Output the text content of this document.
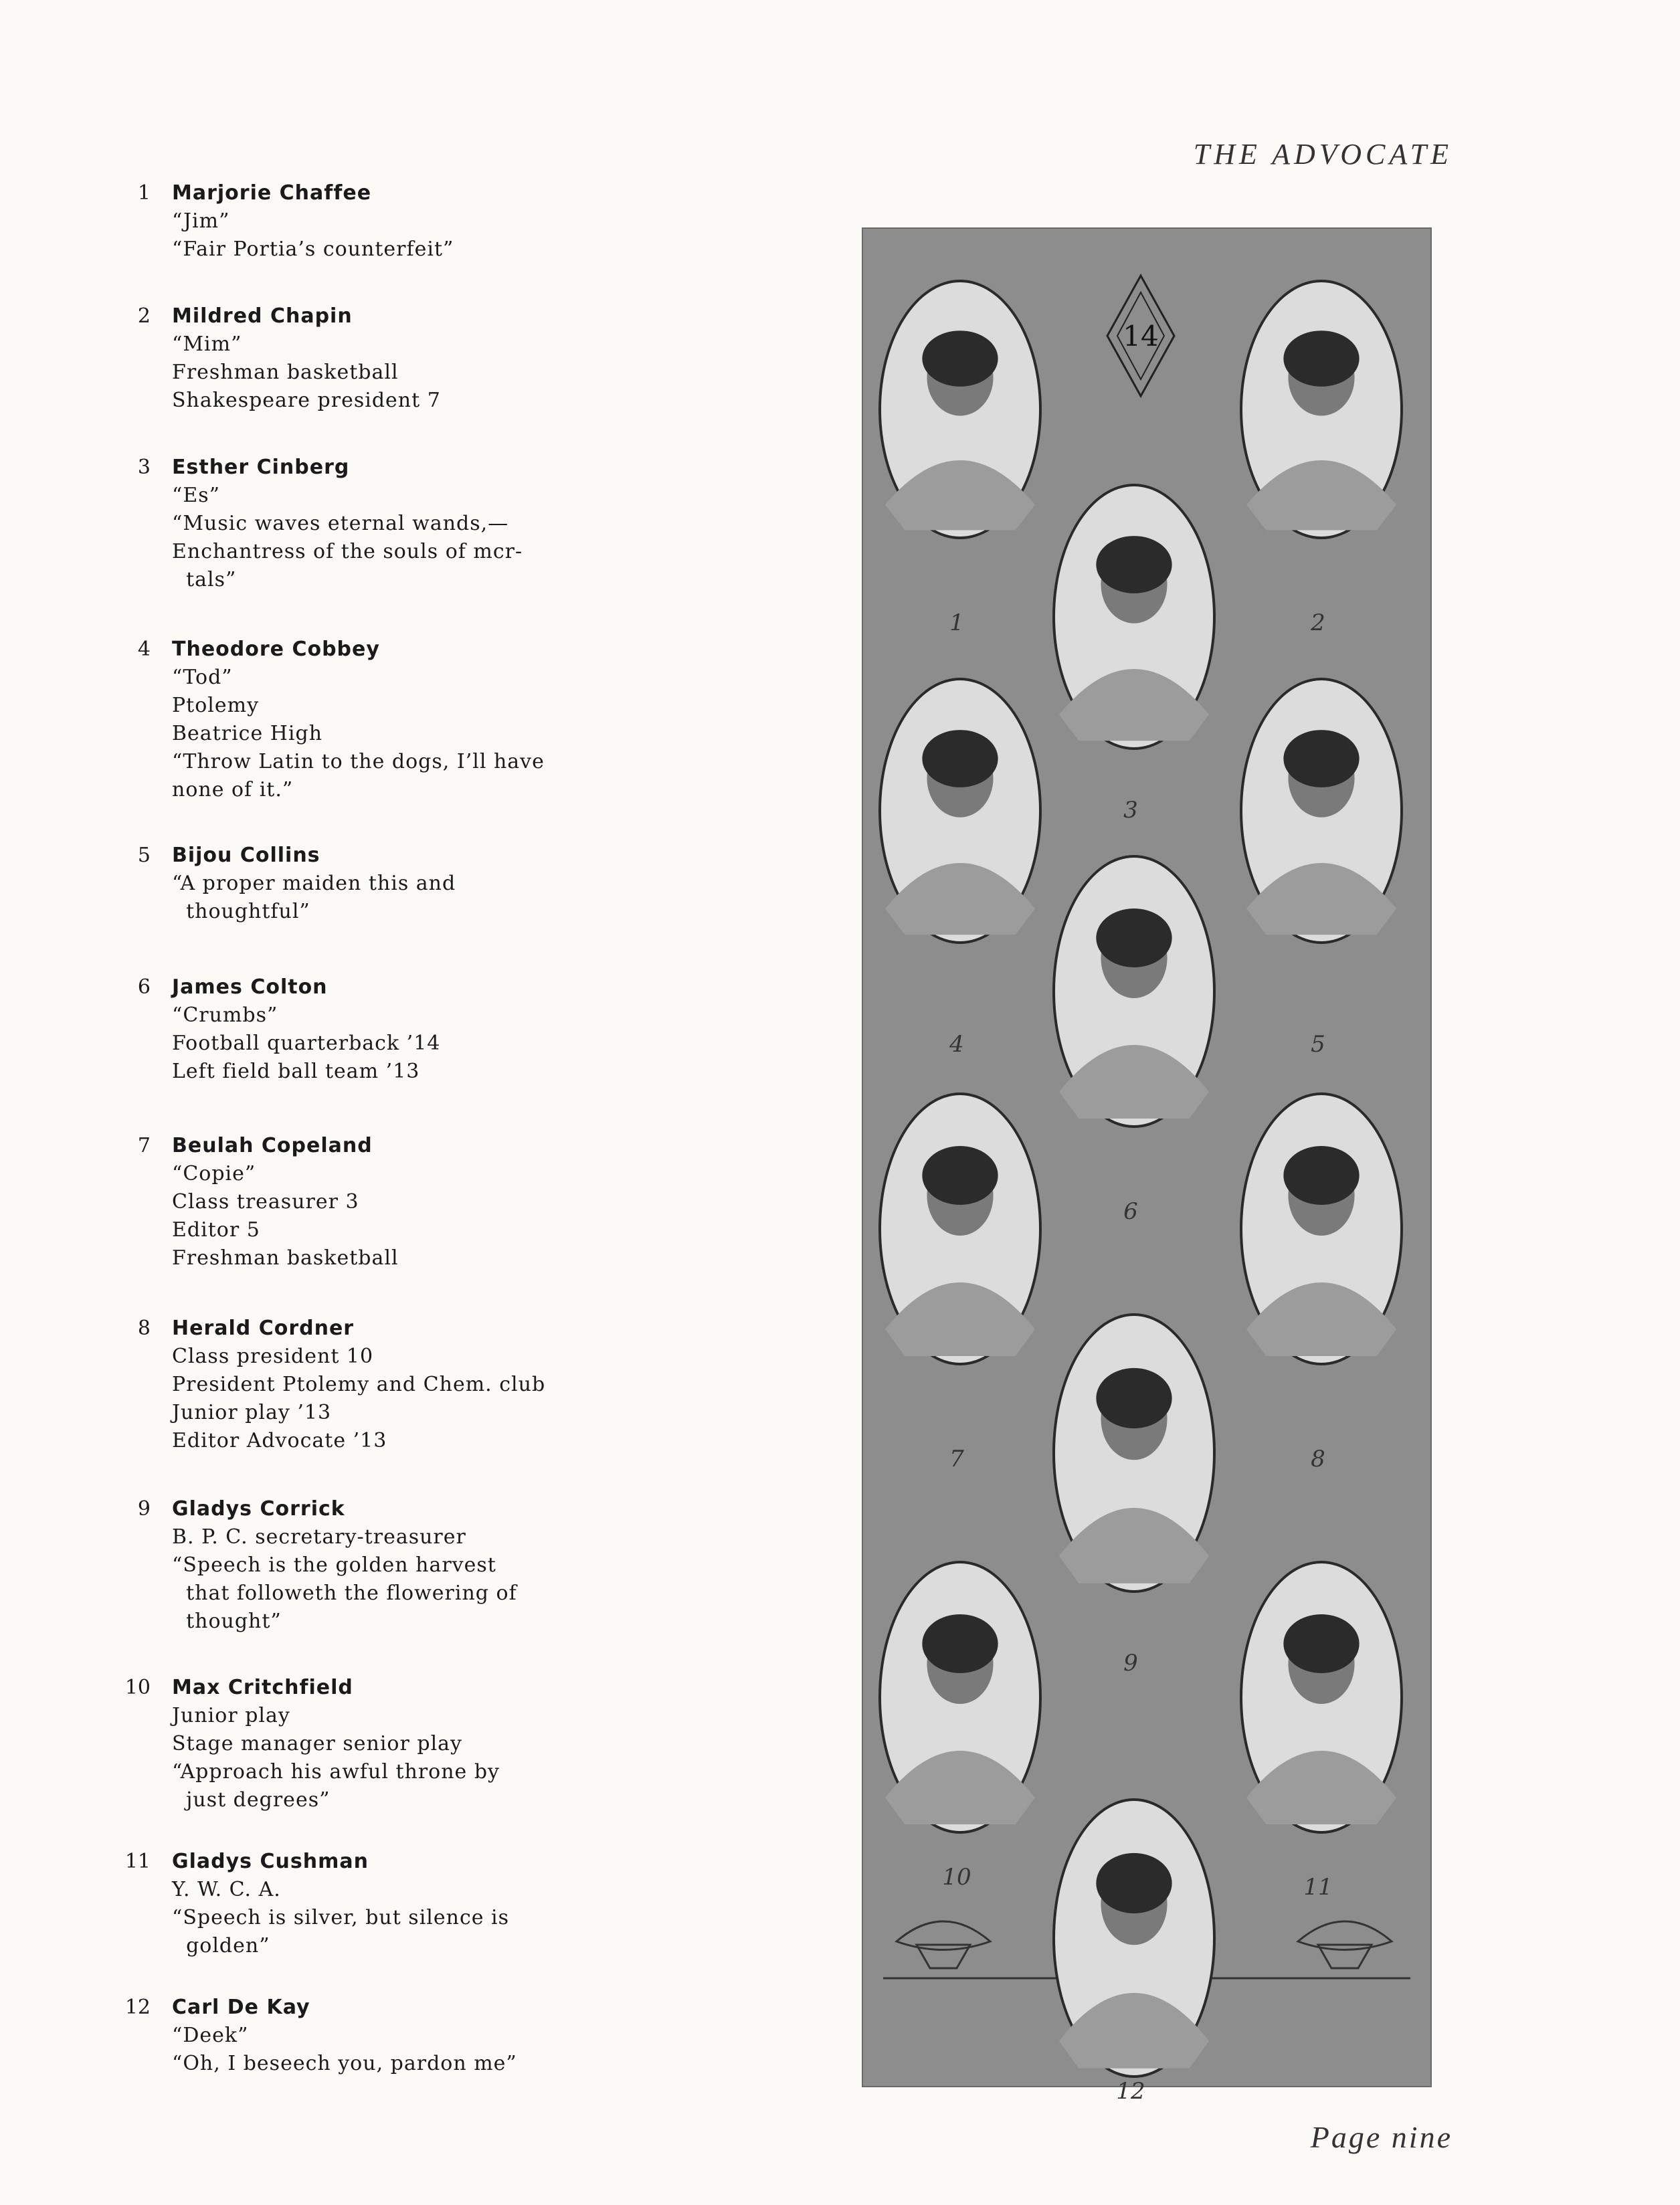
THE ADVOCATE
1 Marjorie Chaffee
“Jim”
“Fair Portia’s counterfeit”
2 Mildred Chapin
“Mim”
Freshman basketball
Shakespeare president 7
3 Esther Cinberg
“Es”
“Music waves eternal wands,—
Enchantress of the souls of mcr-
tals”
4 Theodore Cobbey
“Tod”
Ptolemy
Beatrice High
“Throw Latin to the dogs, I’ll have
none of it.”
5 Bijou Collins
“A proper maiden this and
thoughtful”
6 James Colton
“Crumbs”
Football quarterback ’14
Left field ball team ’13
7 Beulah Copeland
“Copie”
Class treasurer 3
Editor 5
Freshman basketball
8 Herald Cordner
Class president 10
President Ptolemy and Chem. club
Junior play ’13
Editor Advocate ’13
9 Gladys Corrick
B. P. C. secretary-treasurer
“Speech is the golden harvest
that followeth the flowering of
thought”
10 Max Critchfield
Junior play
Stage manager senior play
“Approach his awful throne by
just degrees”
11 Gladys Cushman
Y. W. C. A.
“Speech is silver, but silence is
golden”
12 Carl De Kay
“Deek”
“Oh, I beseech you, pardon me”
14
1	2
3
4	5
6
7	8
9
10	11
12
Page nine
